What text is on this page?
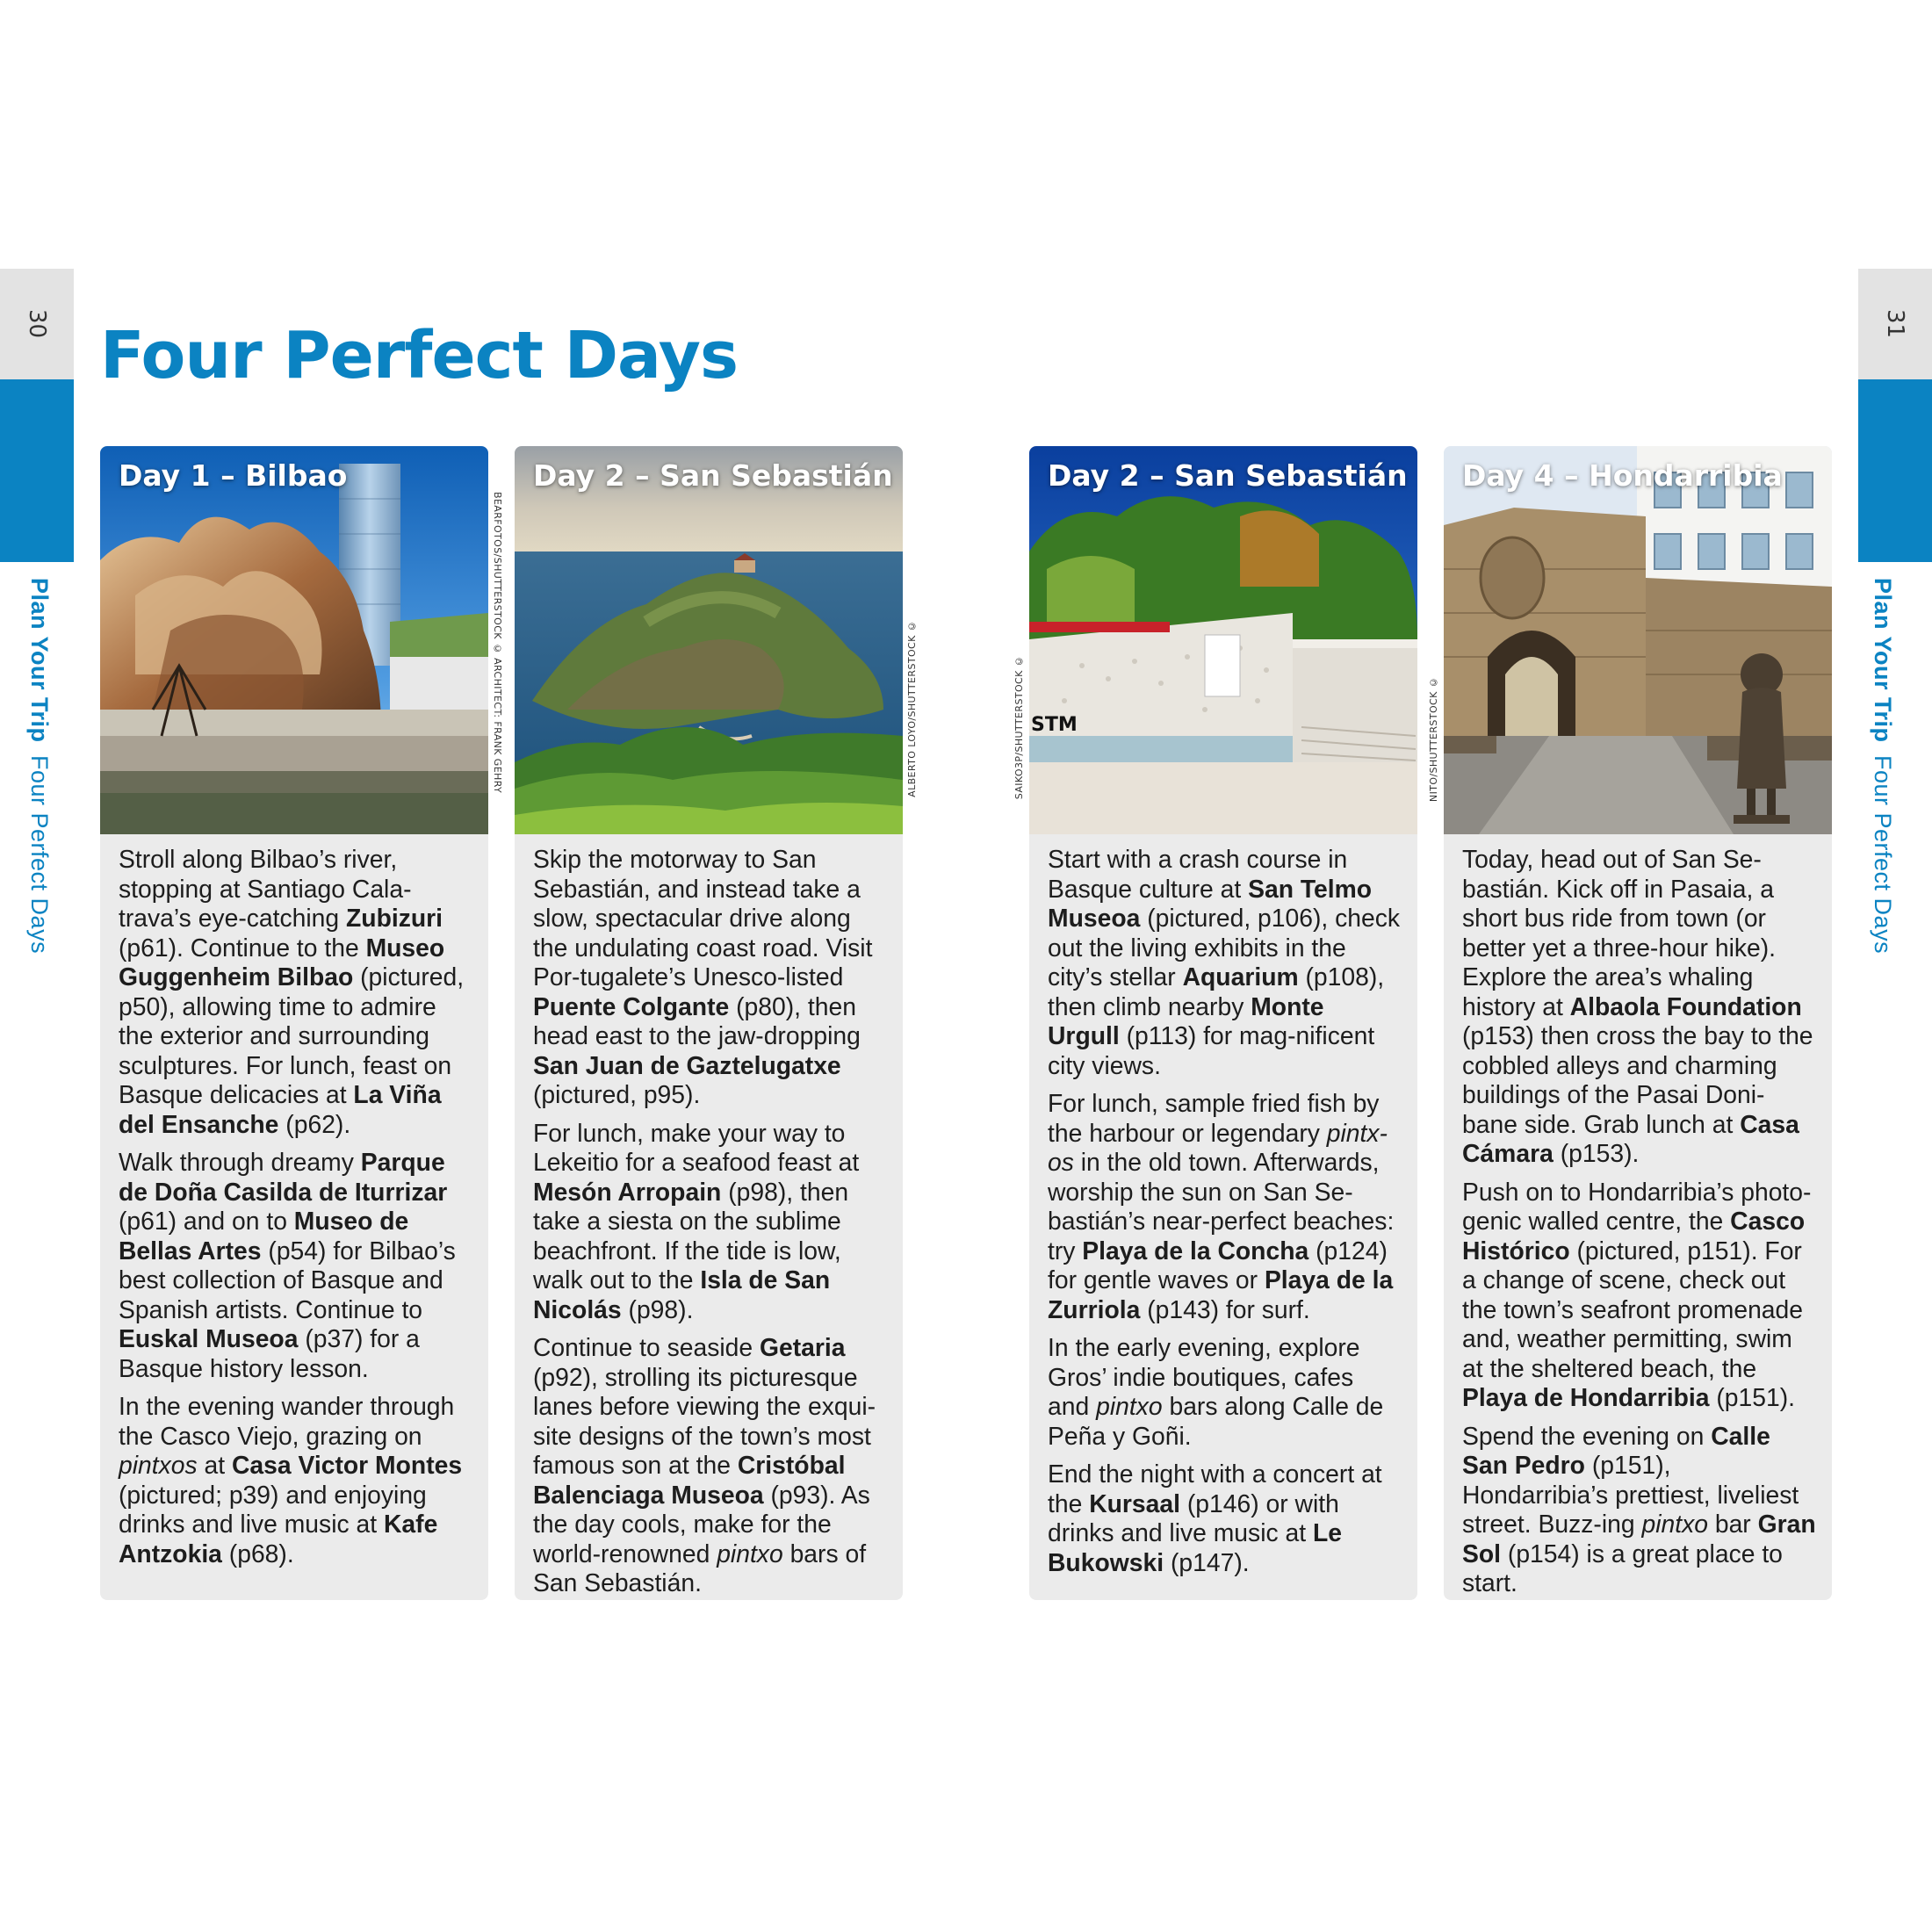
30
Plan Your TripFour Perfect Days
31
Plan Your TripFour Perfect Days
Four Perfect Days
Day 1 – Bilbao

Stroll along Bilbao’s river, stopping at Santiago Cala-trava’s eye-catching Zubizuri (p61). Continue to the Museo Guggenheim Bilbao (pictured, p50), allowing time to admire the exterior and surrounding sculptures. For lunch, feast on Basque delicacies at La Viña del Ensanche (p62).

Walk through dreamy Parque de Doña Casilda de Iturrizar (p61) and on to Museo de Bellas Artes (p54) for Bilbao’s best collection of Basque and Spanish artists. Continue to Euskal Museoa (p37) for a Basque history lesson.

In the evening wander through the Casco Viejo, grazing on pintxos at Casa Victor Montes (pictured; p39) and enjoying drinks and live music at Kafe Antzokia (p68).

BEARFOTOS/SHUTTERSTOCK © ARCHITECT: FRANK GEHRY
Day 2 – San Sebastián

Skip the motorway to San Sebastián, and instead take a slow, spectacular drive along the undulating coast road. Visit Por-tugalete’s Unesco-listed Puente Colgante (p80), then head east to the jaw-dropping San Juan de Gaztelugatxe (pictured, p95).

For lunch, make your way to Lekeitio for a seafood feast at Mesón Arropain (p98), then take a siesta on the sublime beachfront. If the tide is low, walk out to the Isla de San Nicolás (p98).

Continue to seaside Getaria (p92), strolling its picturesque lanes before viewing the exqui-site designs of the town’s most famous son at the Cristóbal Balenciaga Museoa (p93). As the day cools, make for the world-renowned pintxo bars of San Sebastián.

ALBERTO LOYO/SHUTTERSTOCK ©	STM
Day 2 – San Sebastián

Start with a crash course in Basque culture at San Telmo Museoa (pictured, p106), check out the living exhibits in the city’s stellar Aquarium (p108), then climb nearby Monte Urgull (p113) for mag-nificent city views.

For lunch, sample fried fish by the harbour or legendary pintx-os in the old town. Afterwards, worship the sun on San Se-bastián’s near-perfect beaches: try Playa de la Concha (p124) for gentle waves or Playa de la Zurriola (p143) for surf.

In the early evening, explore Gros’ indie boutiques, cafes and pintxo bars along Calle de Peña y Goñi.

End the night with a concert at the Kursaal (p146) or with drinks and live music at Le Bukowski (p147).

SAIKO3P/SHUTTERSTOCK ©
Day 4 – Hondarribia

Today, head out of San Se-bastián. Kick off in Pasaia, a short bus ride from town (or better yet a three-hour hike). Explore the area’s whaling history at Albaola Foundation (p153) then cross the bay to the cobbled alleys and charming buildings of the Pasai Doni-bane side. Grab lunch at Casa Cámara (p153).

Push on to Hondarribia’s photo-genic walled centre, the Casco Histórico (pictured, p151). For a change of scene, check out the town’s seafront promenade and, weather permitting, swim at the sheltered beach, the Playa de Hondarribia (p151).

Spend the evening on Calle San Pedro (p151), Hondarribia’s prettiest, liveliest street. Buzz-ing pintxo bar Gran Sol (p154) is a great place to start.

NITO/SHUTTERSTOCK ©
